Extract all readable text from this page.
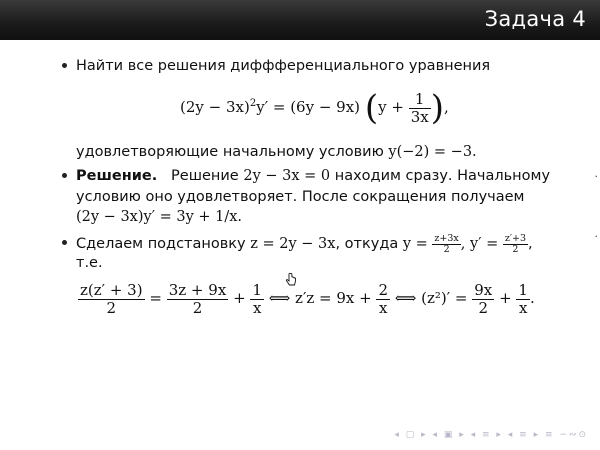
Задача 4
Найти все решения диффференциального уравнения
$(2y - 3x)^2y' = (6y - 9x)$ ($y + \frac{1}{3x}$ ),
удовлетворяющие начальному условию y(−2) = −3.
Решение. Решение 2y − 3x = 0 находим сразу. Начальному
условию оно удовлетворяет. После сокращения получаем
(2y − 3x)y′ = 3y + 1/x.
Сделаем подстановку z = 2y − 3x, откуда $y = \frac{z+3x}{2}$ , $y' = \frac{z'+3}{2}$ ,
т.е.
$\frac{z(z' + 3)}{2} = \frac{3z + 9x}{2} + \frac{1}{x}$ ⟺ $z'z = 9x + \frac{2}{x}$ ⟺ $(z^2)' = \frac{9x}{2} + \frac{1}{x}$ .
·
·
◂ ▢ ▸ ◂ ▣ ▸ ◂ ≡ ▸ ◂ ≡ ▸ ≡ ∽∾⊙
